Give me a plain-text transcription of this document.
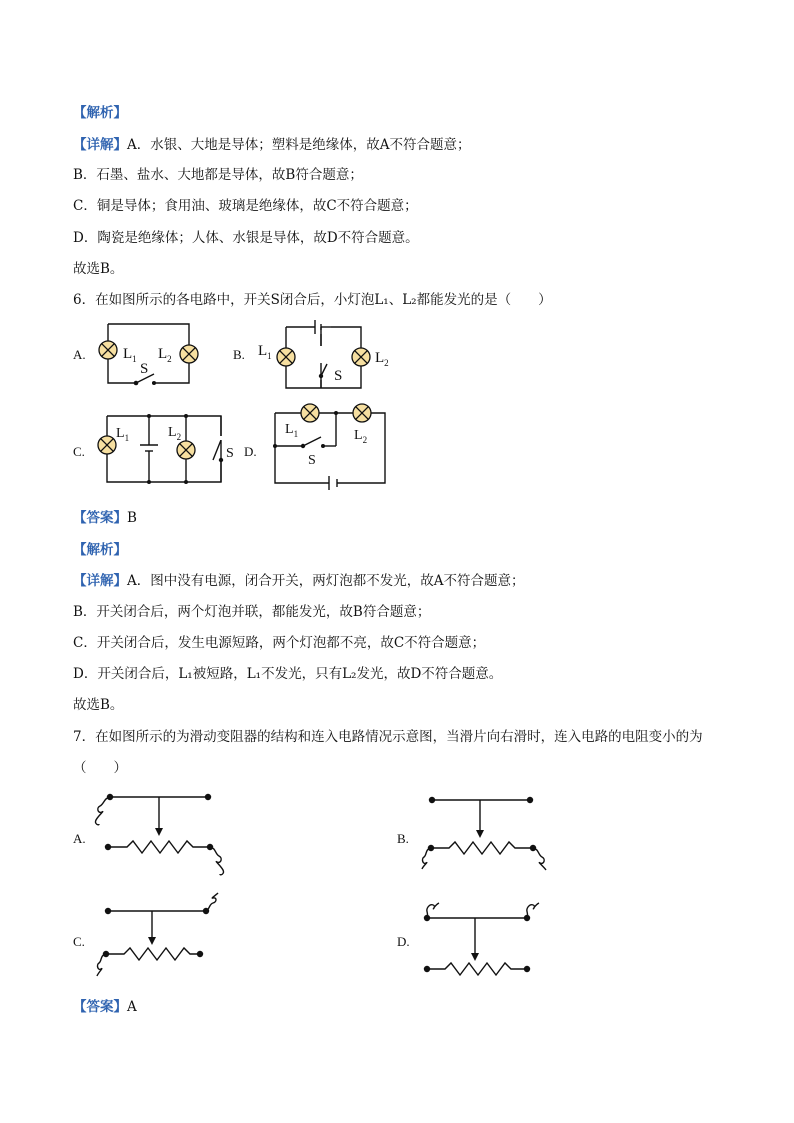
【解析】
【详解】A．水银、大地是导体；塑料是绝缘体，故A不符合题意；
B．石墨、盐水、大地都是导体，故B符合题意；
C．铜是导体；食用油、玻璃是绝缘体，故C不符合题意；
D．陶瓷是绝缘体；人体、水银是导体，故D不符合题意。
故选B。
6．在如图所示的各电路中，开关S闭合后，小灯泡L₁、L₂都能发光的是（　　）
A.	B.
C.	D.
$L_1$ $L_2$
S
$L_1$	$L_2$
S
$L_1$	$L_2$
S
$L_1$	$L_2$
S
【答案】B
【解析】
【详解】A．图中没有电源，闭合开关，两灯泡都不发光，故A不符合题意；
B．开关闭合后，两个灯泡并联，都能发光，故B符合题意；
C．开关闭合后，发生电源短路，两个灯泡都不亮，故C不符合题意；
D．开关闭合后，L₁被短路，L₁不发光，只有L₂发光，故D不符合题意。
故选B。
7．在如图所示的为滑动变阻器的结构和连入电路情况示意图，当滑片向右滑时，连入电路的电阻变小的为
（　　）
A.	B.
C.	D.
【答案】A
